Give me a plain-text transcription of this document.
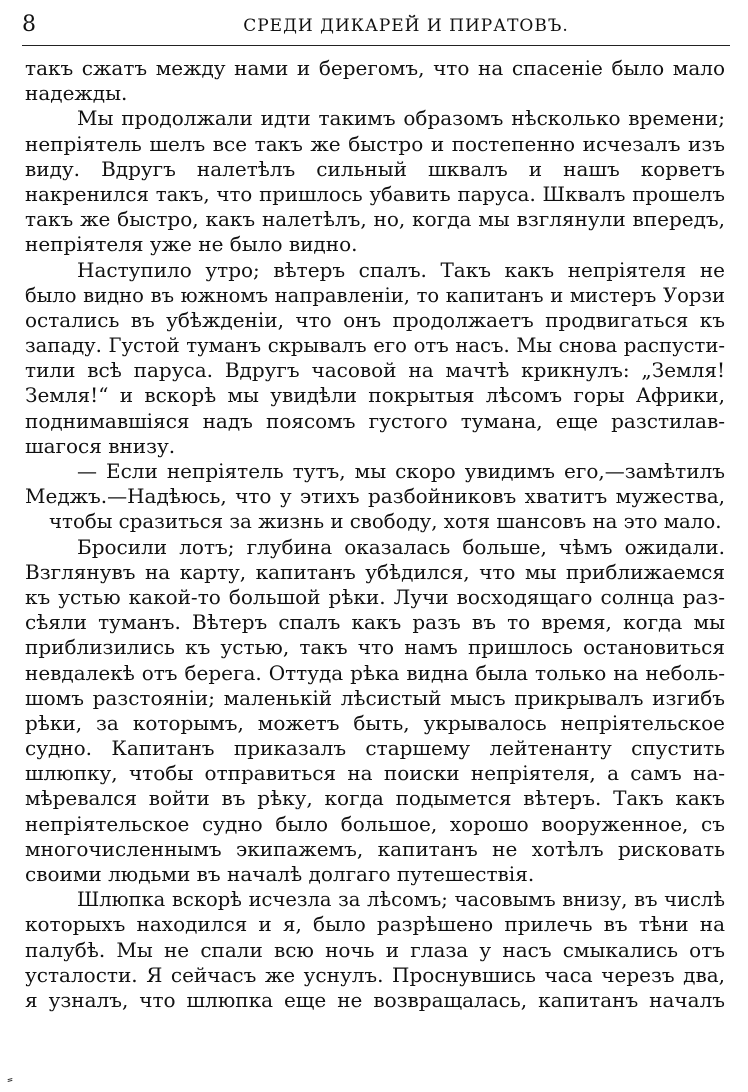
8	СРЕДИ ДИКАРЕЙ И ПИРАТОВЪ.
такъ сжатъ между нами и берегомъ, что на спасеніе было мало
надежды.
Мы продолжали идти такимъ образомъ нѣсколько времени;
непріятель шелъ все такъ же быстро и постепенно исчезалъ изъ
виду. Вдругъ налетѣлъ сильный шквалъ и нашъ корветъ
накренился такъ, что пришлось убавить паруса. Шквалъ прошелъ
такъ же быстро, какъ налетѣлъ, но, когда мы взглянули впередъ,
непріятеля уже не было видно.
Наступило утро; вѣтеръ спалъ. Такъ какъ непріятеля не
было видно въ южномъ направленіи, то капитанъ и мистеръ Уорзи
остались въ убѣжденіи, что онъ продолжаетъ продвигаться къ
западу. Густой туманъ скрывалъ его отъ насъ. Мы снова распусти-
тили всѣ паруса. Вдругъ часовой на мачтѣ крикнулъ: „Земля!
Земля!“ и вскорѣ мы увидѣли покрытыя лѣсомъ горы Африки,
поднимавшіяся надъ поясомъ густого тумана, еще разстилав-
шагося внизу.
— Если непріятель тутъ, мы скоро увидимъ его,—замѣтилъ
Меджъ.—Надѣюсь, что у этихъ разбойниковъ хватитъ мужества,
чтобы сразиться за жизнь и свободу, хотя шансовъ на это мало.
Бросили лотъ; глубина оказалась больше, чѣмъ ожидали.
Взглянувъ на карту, капитанъ убѣдился, что мы приближаемся
къ устью какой-то большой рѣки. Лучи восходящаго солнца раз-
сѣяли туманъ. Вѣтеръ спалъ какъ разъ въ то время, когда мы
приблизились къ устью, такъ что намъ пришлось остановиться
невдалекѣ отъ берега. Оттуда рѣка видна была только на неболь-
шомъ разстояніи; маленькій лѣсистый мысъ прикрывалъ изгибъ
рѣки, за которымъ, можетъ быть, укрывалось непріятельское
судно. Капитанъ приказалъ старшему лейтенанту спустить
шлюпку, чтобы отправиться на поиски непріятеля, а самъ на-
мѣревался войти въ рѣку, когда подымется вѣтеръ. Такъ какъ
непріятельское судно было большое, хорошо вооруженное, съ
многочисленнымъ экипажемъ, капитанъ не хотѣлъ рисковать
своими людьми въ началѣ долгаго путешествія.
Шлюпка вскорѣ исчезла за лѣсомъ; часовымъ внизу, въ числѣ
которыхъ находился и я, было разрѣшено прилечь въ тѣни на
палубѣ. Мы не спали всю ночь и глаза у насъ смыкались отъ
усталости. Я сейчасъ же уснулъ. Проснувшись часа черезъ два,
я узналъ, что шлюпка еще не возвращалась, капитанъ началъ
